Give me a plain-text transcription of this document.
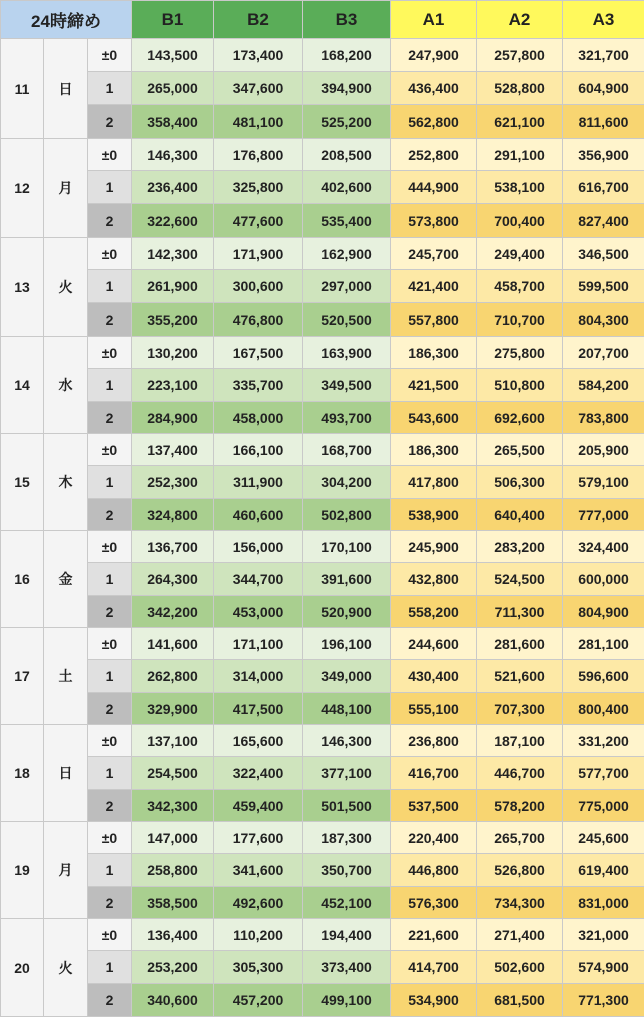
24時締め			B1	B2	B3	A1	A2	A3
11	日	±0	143,500	173,400	168,200	247,900	257,800	321,700
		1	265,000	347,600	394,900	436,400	528,800	604,900
		2	358,400	481,100	525,200	562,800	621,100	811,600
12	月	±0	146,300	176,800	208,500	252,800	291,100	356,900
		1	236,400	325,800	402,600	444,900	538,100	616,700
		2	322,600	477,600	535,400	573,800	700,400	827,400
13	火	±0	142,300	171,900	162,900	245,700	249,400	346,500
		1	261,900	300,600	297,000	421,400	458,700	599,500
		2	355,200	476,800	520,500	557,800	710,700	804,300
14	水	±0	130,200	167,500	163,900	186,300	275,800	207,700
		1	223,100	335,700	349,500	421,500	510,800	584,200
		2	284,900	458,000	493,700	543,600	692,600	783,800
15	木	±0	137,400	166,100	168,700	186,300	265,500	205,900
		1	252,300	311,900	304,200	417,800	506,300	579,100
		2	324,800	460,600	502,800	538,900	640,400	777,000
16	金	±0	136,700	156,000	170,100	245,900	283,200	324,400
		1	264,300	344,700	391,600	432,800	524,500	600,000
		2	342,200	453,000	520,900	558,200	711,300	804,900
17	土	±0	141,600	171,100	196,100	244,600	281,600	281,100
		1	262,800	314,000	349,000	430,400	521,600	596,600
		2	329,900	417,500	448,100	555,100	707,300	800,400
18	日	±0	137,100	165,600	146,300	236,800	187,100	331,200
		1	254,500	322,400	377,100	416,700	446,700	577,700
		2	342,300	459,400	501,500	537,500	578,200	775,000
19	月	±0	147,000	177,600	187,300	220,400	265,700	245,600
		1	258,800	341,600	350,700	446,800	526,800	619,400
		2	358,500	492,600	452,100	576,300	734,300	831,000
20	火	±0	136,400	110,200	194,400	221,600	271,400	321,000
		1	253,200	305,300	373,400	414,700	502,600	574,900
		2	340,600	457,200	499,100	534,900	681,500	771,300
